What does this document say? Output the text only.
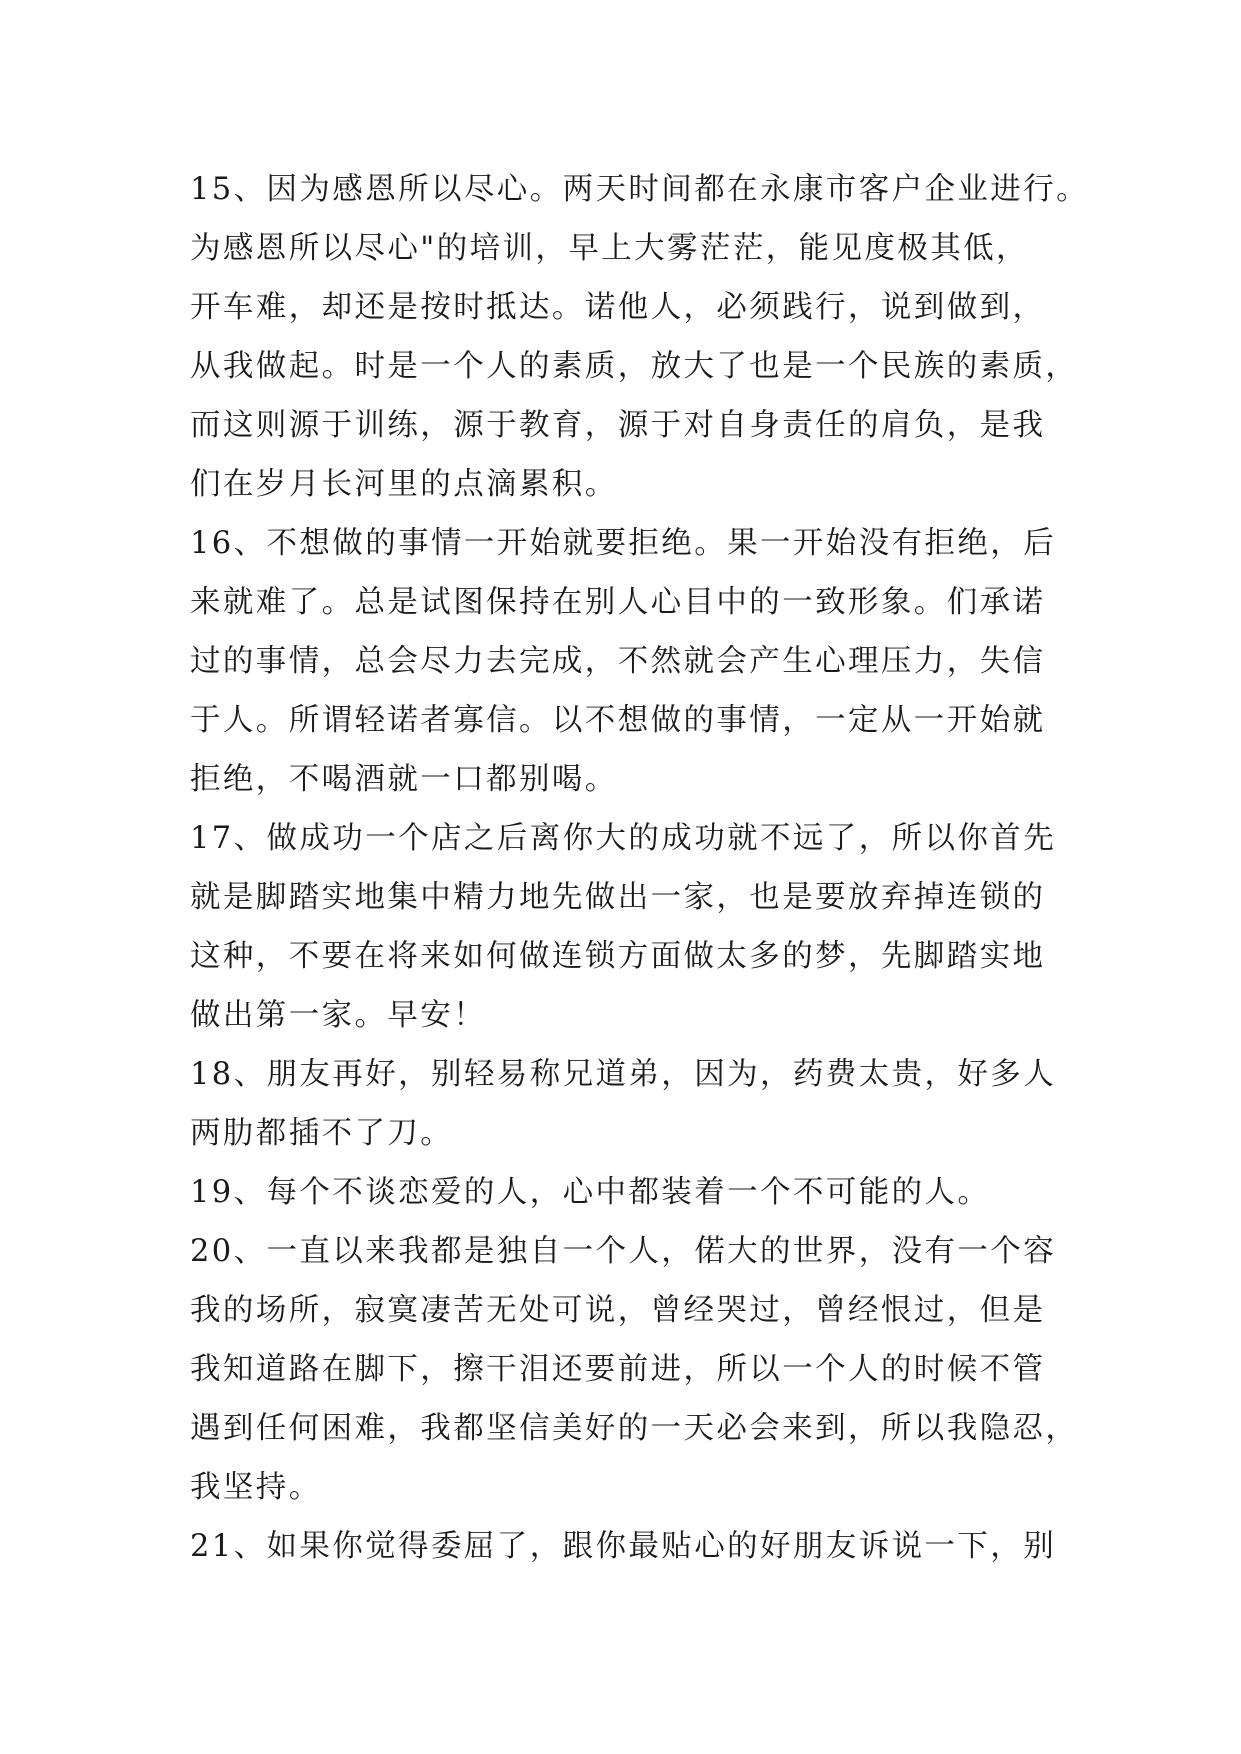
15、因为感恩所以尽心。两天时间都在永康市客户企业进行。
为感恩所以尽心"的培训，早上大雾茫茫，能见度极其低，
开车难，却还是按时抵达。诺他人，必须践行，说到做到，
从我做起。时是一个人的素质，放大了也是一个民族的素质，
而这则源于训练，源于教育，源于对自身责任的肩负，是我
们在岁月长河里的点滴累积。
16、不想做的事情一开始就要拒绝。果一开始没有拒绝，后
来就难了。总是试图保持在别人心目中的一致形象。们承诺
过的事情，总会尽力去完成，不然就会产生心理压力，失信
于人。所谓轻诺者寡信。以不想做的事情，一定从一开始就
拒绝，不喝酒就一口都别喝。
17、做成功一个店之后离你大的成功就不远了，所以你首先
就是脚踏实地集中精力地先做出一家，也是要放弃掉连锁的
这种，不要在将来如何做连锁方面做太多的梦，先脚踏实地
做出第一家。早安！
18、朋友再好，别轻易称兄道弟，因为，药费太贵，好多人
两肋都插不了刀。
19、每个不谈恋爱的人，心中都装着一个不可能的人。
20、一直以来我都是独自一个人，偌大的世界，没有一个容
我的场所，寂寞凄苦无处可说，曾经哭过，曾经恨过，但是
我知道路在脚下，擦干泪还要前进，所以一个人的时候不管
遇到任何困难，我都坚信美好的一天必会来到，所以我隐忍，
我坚持。
21、如果你觉得委屈了，跟你最贴心的好朋友诉说一下，别
